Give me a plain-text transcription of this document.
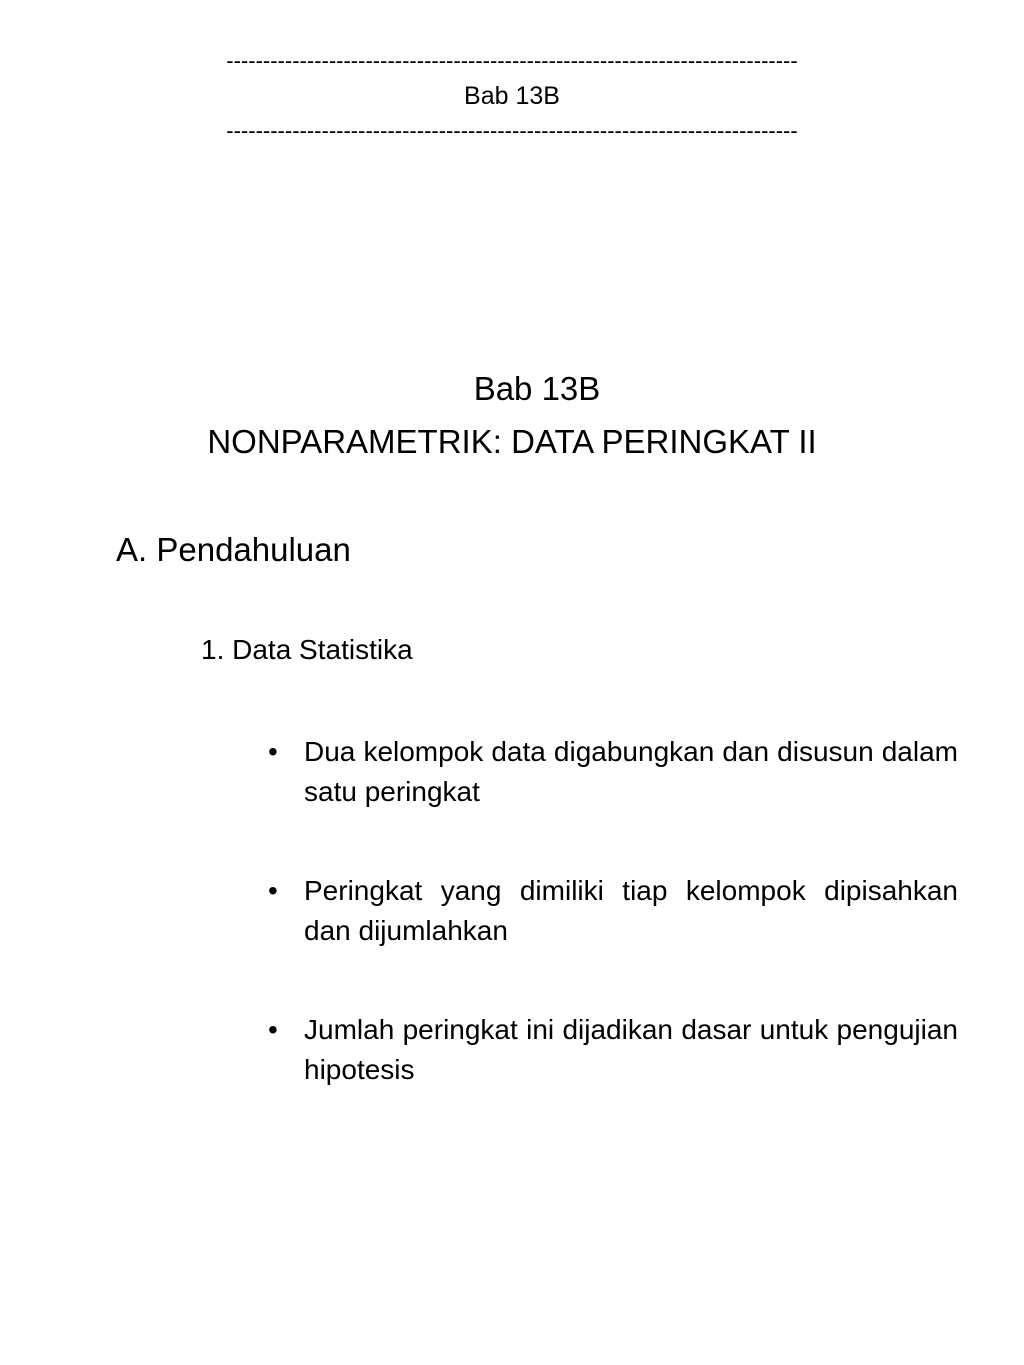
------------------------------------------------------------------------------
Bab 13B
------------------------------------------------------------------------------
Bab 13B
NONPARAMETRIK: DATA PERINGKAT II
A. Pendahuluan
1. Data Statistika
• Dua kelompok data digabungkan dan disusun dalam satu peringkat
• Peringkat yang dimiliki tiap kelompok dipisahkan dan dijumlahkan
• Jumlah peringkat ini dijadikan dasar untuk pengujian hipotesis
